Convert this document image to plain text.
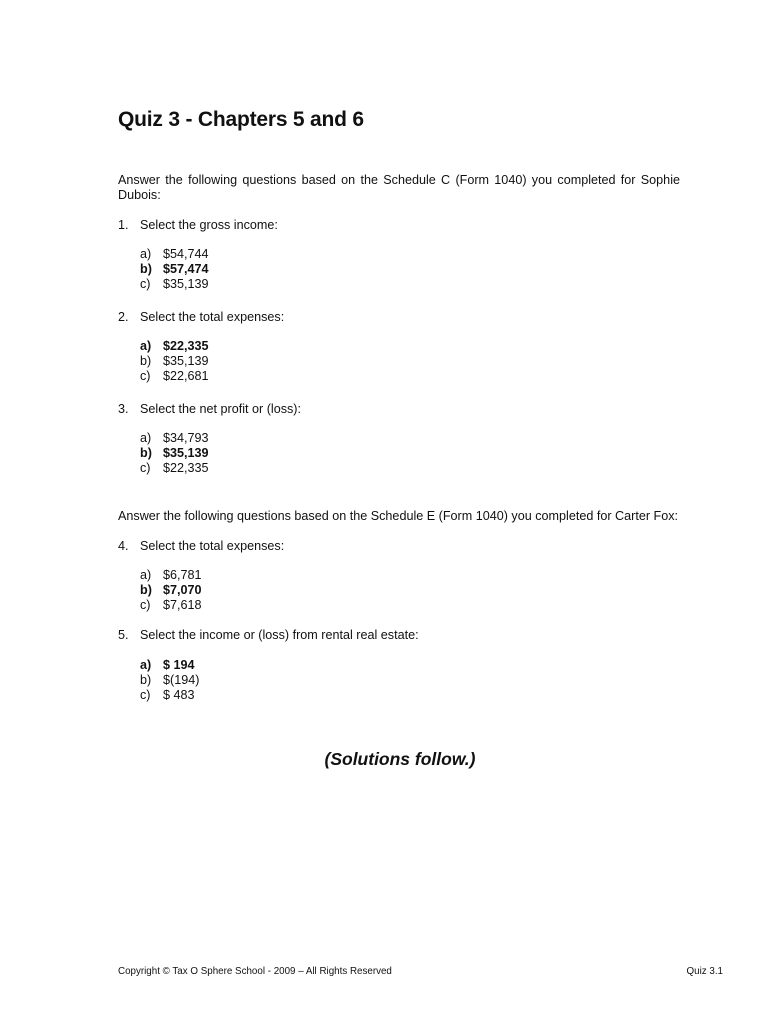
Quiz 3 - Chapters 5 and 6
Answer the following questions based on the Schedule C (Form 1040) you completed for Sophie Dubois:
1. Select the gross income:
a) $54,744
b) $57,474
c) $35,139
2. Select the total expenses:
a) $22,335
b) $35,139
c) $22,681
3. Select the net profit or (loss):
a) $34,793
b) $35,139
c) $22,335
Answer the following questions based on the Schedule E (Form 1040) you completed for Carter Fox:
4. Select the total expenses:
a) $6,781
b) $7,070
c) $7,618
5. Select the income or (loss) from rental real estate:
a) $ 194
b) $(194)
c) $ 483
(Solutions follow.)
Copyright © Tax O Sphere School - 2009 – All Rights Reserved	Quiz 3.1
